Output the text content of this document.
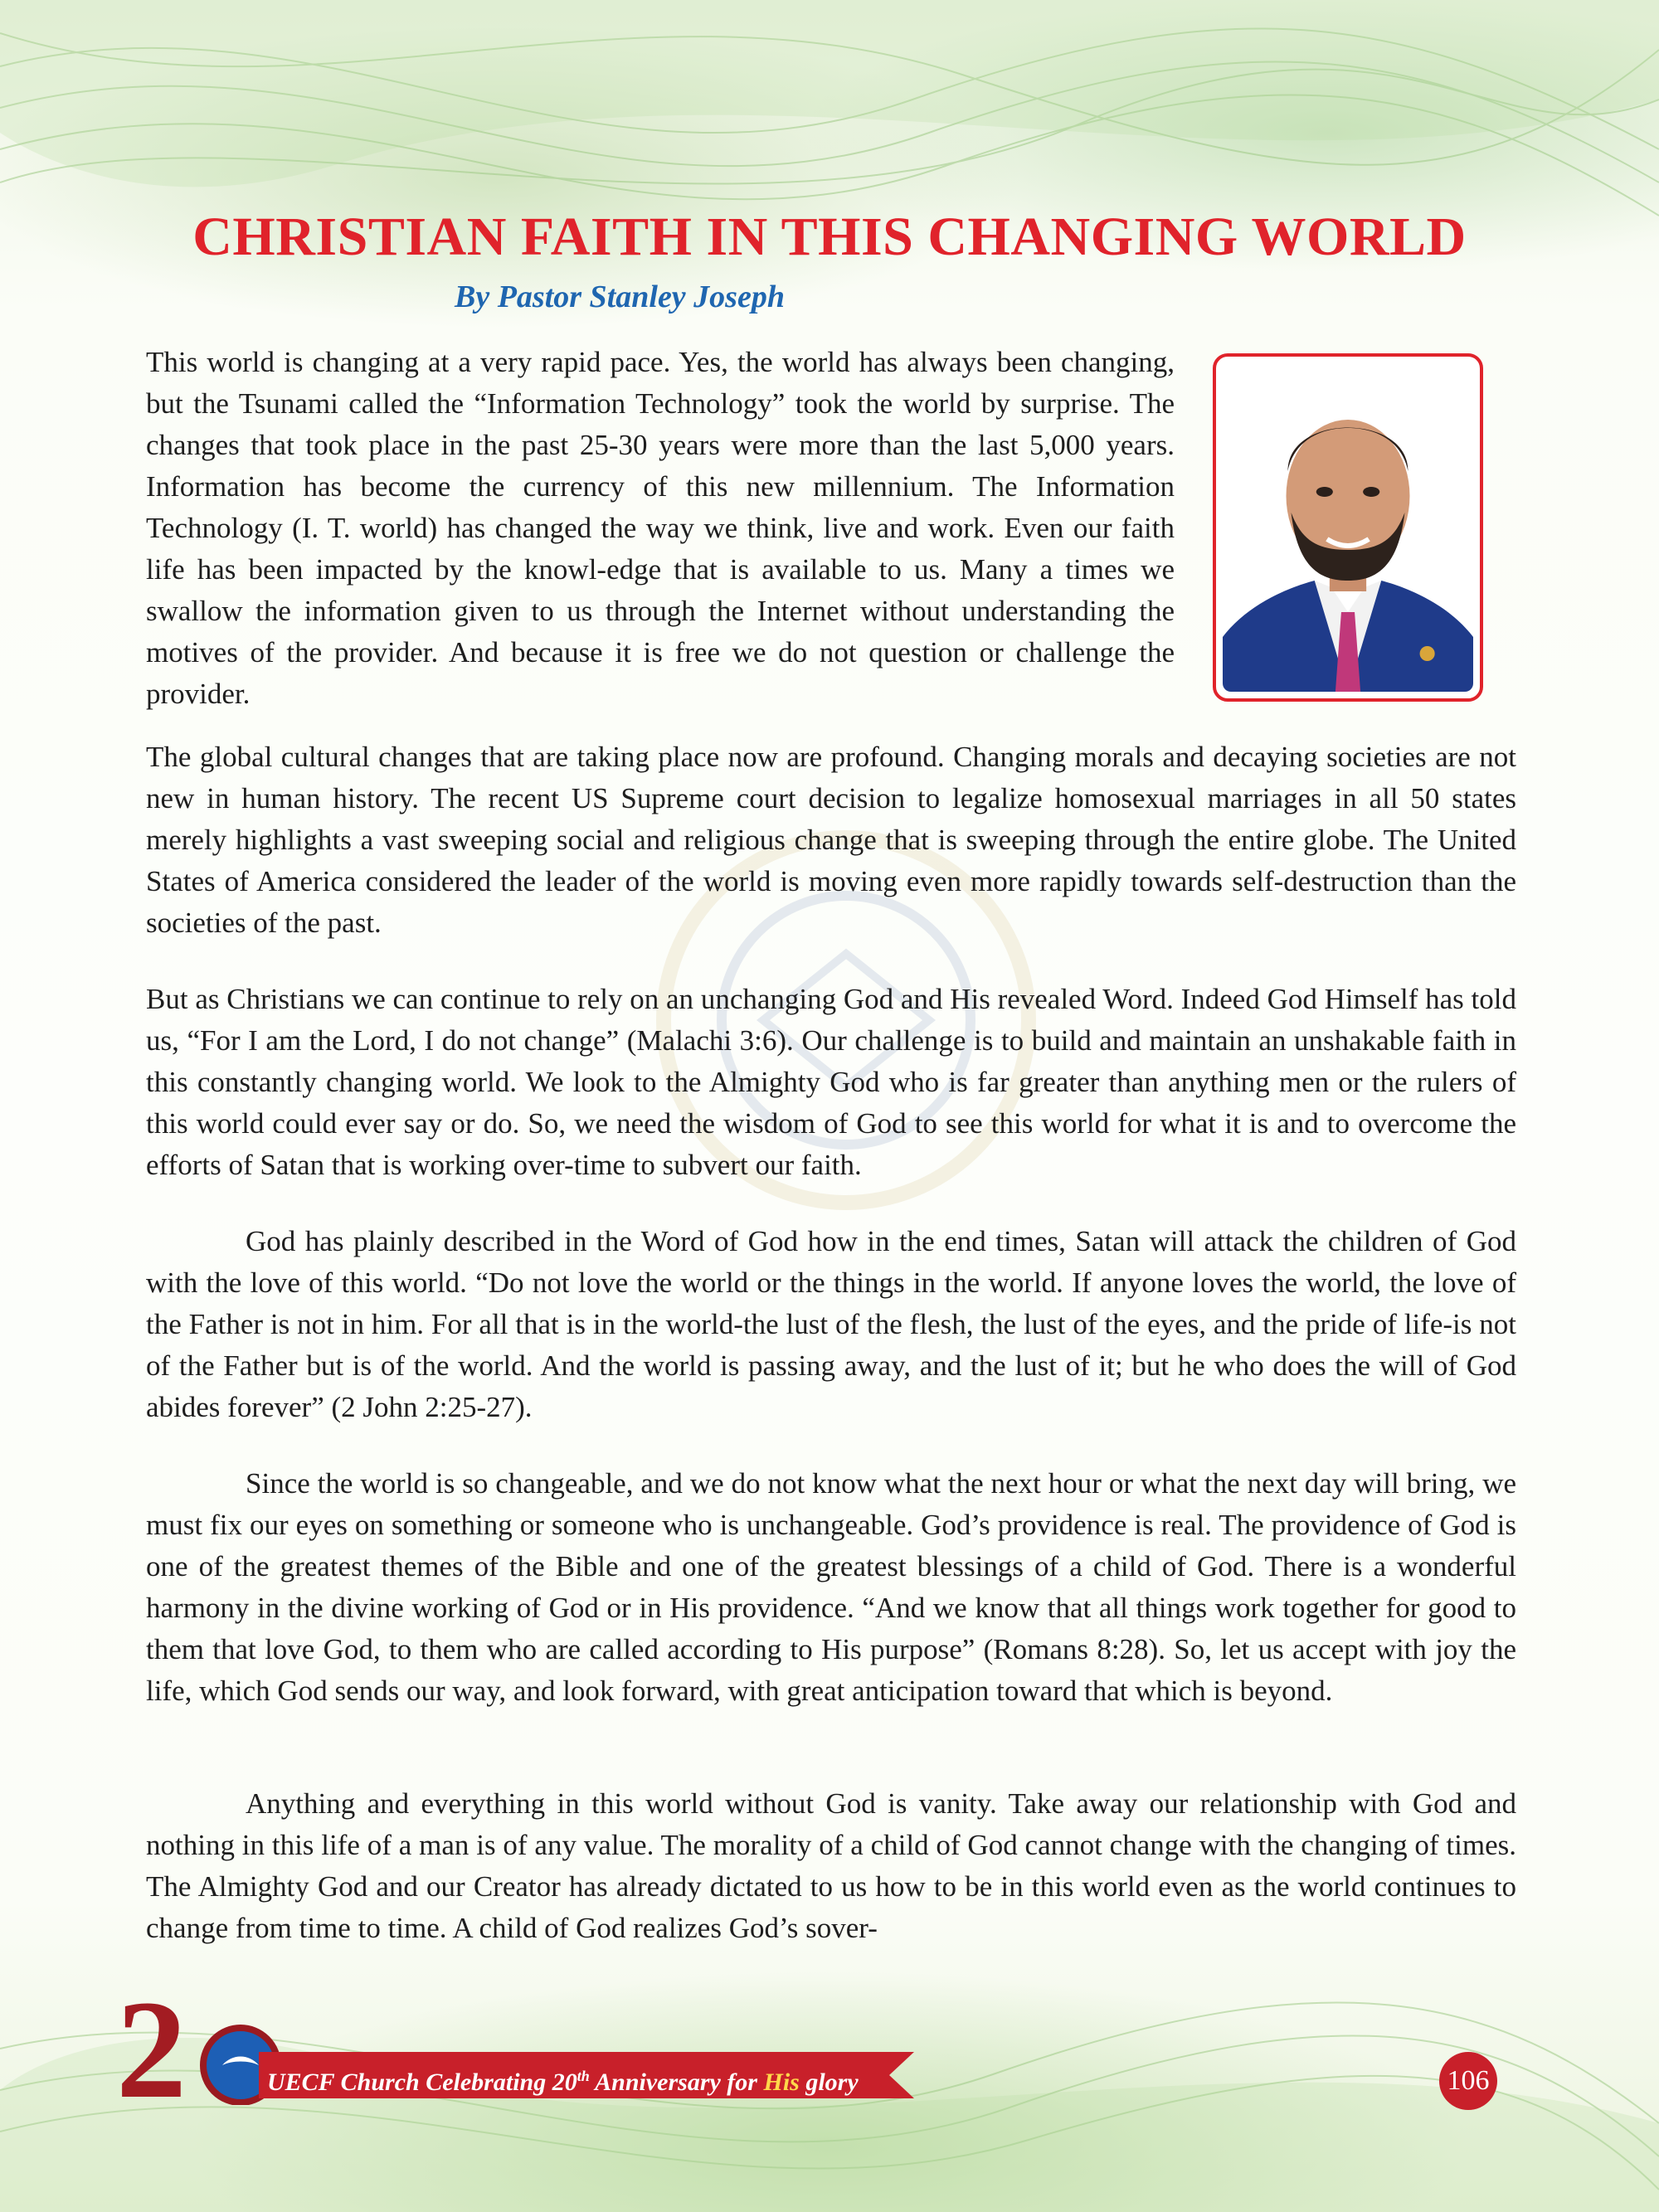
CHRISTIAN FAITH IN THIS CHANGING WORLD

By Pastor Stanley Joseph

This world is changing at a very rapid pace. Yes, the world has always been changing, but the Tsunami called the “Information Technology” took the world by surprise. The changes that took place in the past 25-30 years were more than the last 5,000 years. Information has become the currency of this new millennium. The Information Technology (I. T. world) has changed the way we think, live and work. Even our faith life has been impacted by the knowl-edge that is available to us. Many a times we swallow the information given to us through the Internet without understanding the motives of the provider. And because it is free we do not question or challenge the provider.

The global cultural changes that are taking place now are profound. Changing morals and decaying societies are not new in human history. The recent US Supreme court decision to legalize homosexual marriages in all 50 states merely highlights a vast sweeping social and religious change that is sweeping through the entire globe. The United States of America considered the leader of the world is moving even more rapidly towards self-destruction than the societies of the past.

But as Christians we can continue to rely on an unchanging God and His revealed Word. Indeed God Himself has told us, “For I am the Lord, I do not change” (Malachi 3:6). Our challenge is to build and maintain an unshakable faith in this constantly changing world. We look to the Almighty God who is far greater than anything men or the rulers of this world could ever say or do. So, we need the wisdom of God to see this world for what it is and to overcome the efforts of Satan that is working over-time to subvert our faith.

God has plainly described in the Word of God how in the end times, Satan will attack the children of God with the love of this world. “Do not love the world or the things in the world. If anyone loves the world, the love of the Father is not in him. For all that is in the world-the lust of the flesh, the lust of the eyes, and the pride of life-is not of the Father but is of the world. And the world is passing away, and the lust of it; but he who does the will of God abides forever” (2 John 2:25-27).

Since the world is so changeable, and we do not know what the next hour or what the next day will bring, we must fix our eyes on something or someone who is unchangeable. God’s providence is real. The providence of God is one of the greatest themes of the Bible and one of the greatest blessings of a child of God. There is a wonderful harmony in the divine working of God or in His providence. “And we know that all things work together for good to them that love God, to them who are called according to His purpose” (Romans 8:28). So, let us accept with joy the life, which God sends our way, and look forward, with great anticipation toward that which is beyond.

Anything and everything in this world without God is vanity. Take away our relationship with God and nothing in this life of a man is of any value. The morality of a child of God cannot change with the changing of times. The Almighty God and our Creator has already dictated to us how to be in this world even as the world continues to change from time to time. A child of God realizes God’s sover-

2	UECF Church Celebrating 20th Anniversary for His glory	106
